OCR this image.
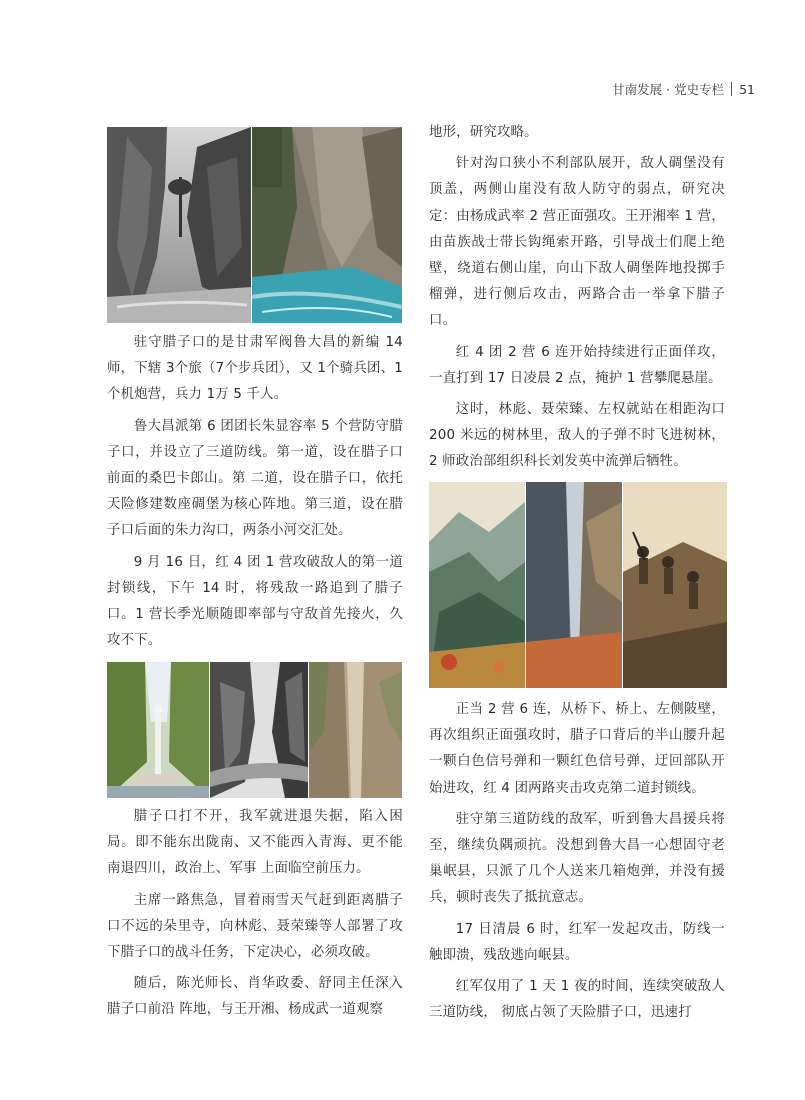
甘南发展 · 党史专栏 51

驻守腊子口的是甘肃军阀鲁大昌的新编 14 师，下辖 3个旅（7个步兵团），又 1个骑兵团、1个机炮营，兵力 1万 5 千人。

鲁大昌派第 6 团团长朱显容率 5 个营防守腊子口，并设立了三道防线。第一道，设在腊子口前面的桑巴卡郎山。第 二道，设在腊子口，依托天险修建数座碉堡为核心阵地。第三道，设在腊子口后面的朱力沟口，两条小河交汇处。

9 月 16 日，红 4 团 1 营攻破敌人的第一道封锁线，下午 14 时，将残敌一路追到了腊子口。1 营长季光顺随即率部与守敌首先接火，久攻不下。

腊子口打不开，我军就进退失据，陷入困局。即不能东出陇南、又不能西入青海、更不能南退四川，政治上、军事 上面临空前压力。

主席一路焦急，冒着雨雪天气赶到距离腊子口不远的朵里寺，向林彪、聂荣臻等人部署了攻下腊子口的战斗任务，下定决心，必须攻破。

随后，陈光师长、肖华政委、舒同主任深入腊子口前沿 阵地，与王开湘、杨成武一道观察

地形，研究攻略。

针对沟口狭小不利部队展开，敌人碉堡没有顶盖，两侧山崖没有敌人防守的弱点，研究决定：由杨成武率 2 营正面强攻。王开湘率 1 营，由苗族战士带长钩绳索开路，引导战士们爬上绝壁，绕道右侧山崖，向山下敌人碉堡阵地投掷手榴弹，进行侧后攻击，两路合击一举拿下腊子口。

红 4 团 2 营 6 连开始持续进行正面佯攻，一直打到 17 日凌晨 2 点，掩护 1 营攀爬悬崖。

这时，林彪、聂荣臻、左权就站在相距沟口 200 米远的树林里，敌人的子弹不时飞进树林，2 师政治部组织科长刘发英中流弹后牺牲。

正当 2 营 6 连，从桥下、桥上、左侧陂壁，再次组织正面强攻时，腊子口背后的半山腰升起一颗白色信号弹和一颗红色信号弹，迂回部队开始进攻，红 4 团两路夹击攻克第二道封锁线。

驻守第三道防线的敌军，听到鲁大昌援兵将至，继续负隅顽抗。没想到鲁大昌一心想固守老巢岷县，只派了几个人送来几箱炮弹，并没有援兵，顿时丧失了抵抗意志。

17 日清晨 6 时，红军一发起攻击，防线一触即溃，残敌逃向岷县。

红军仅用了 1 天 1 夜的时间，连续突破敌人三道防线， 彻底占领了天险腊子口，迅速打
